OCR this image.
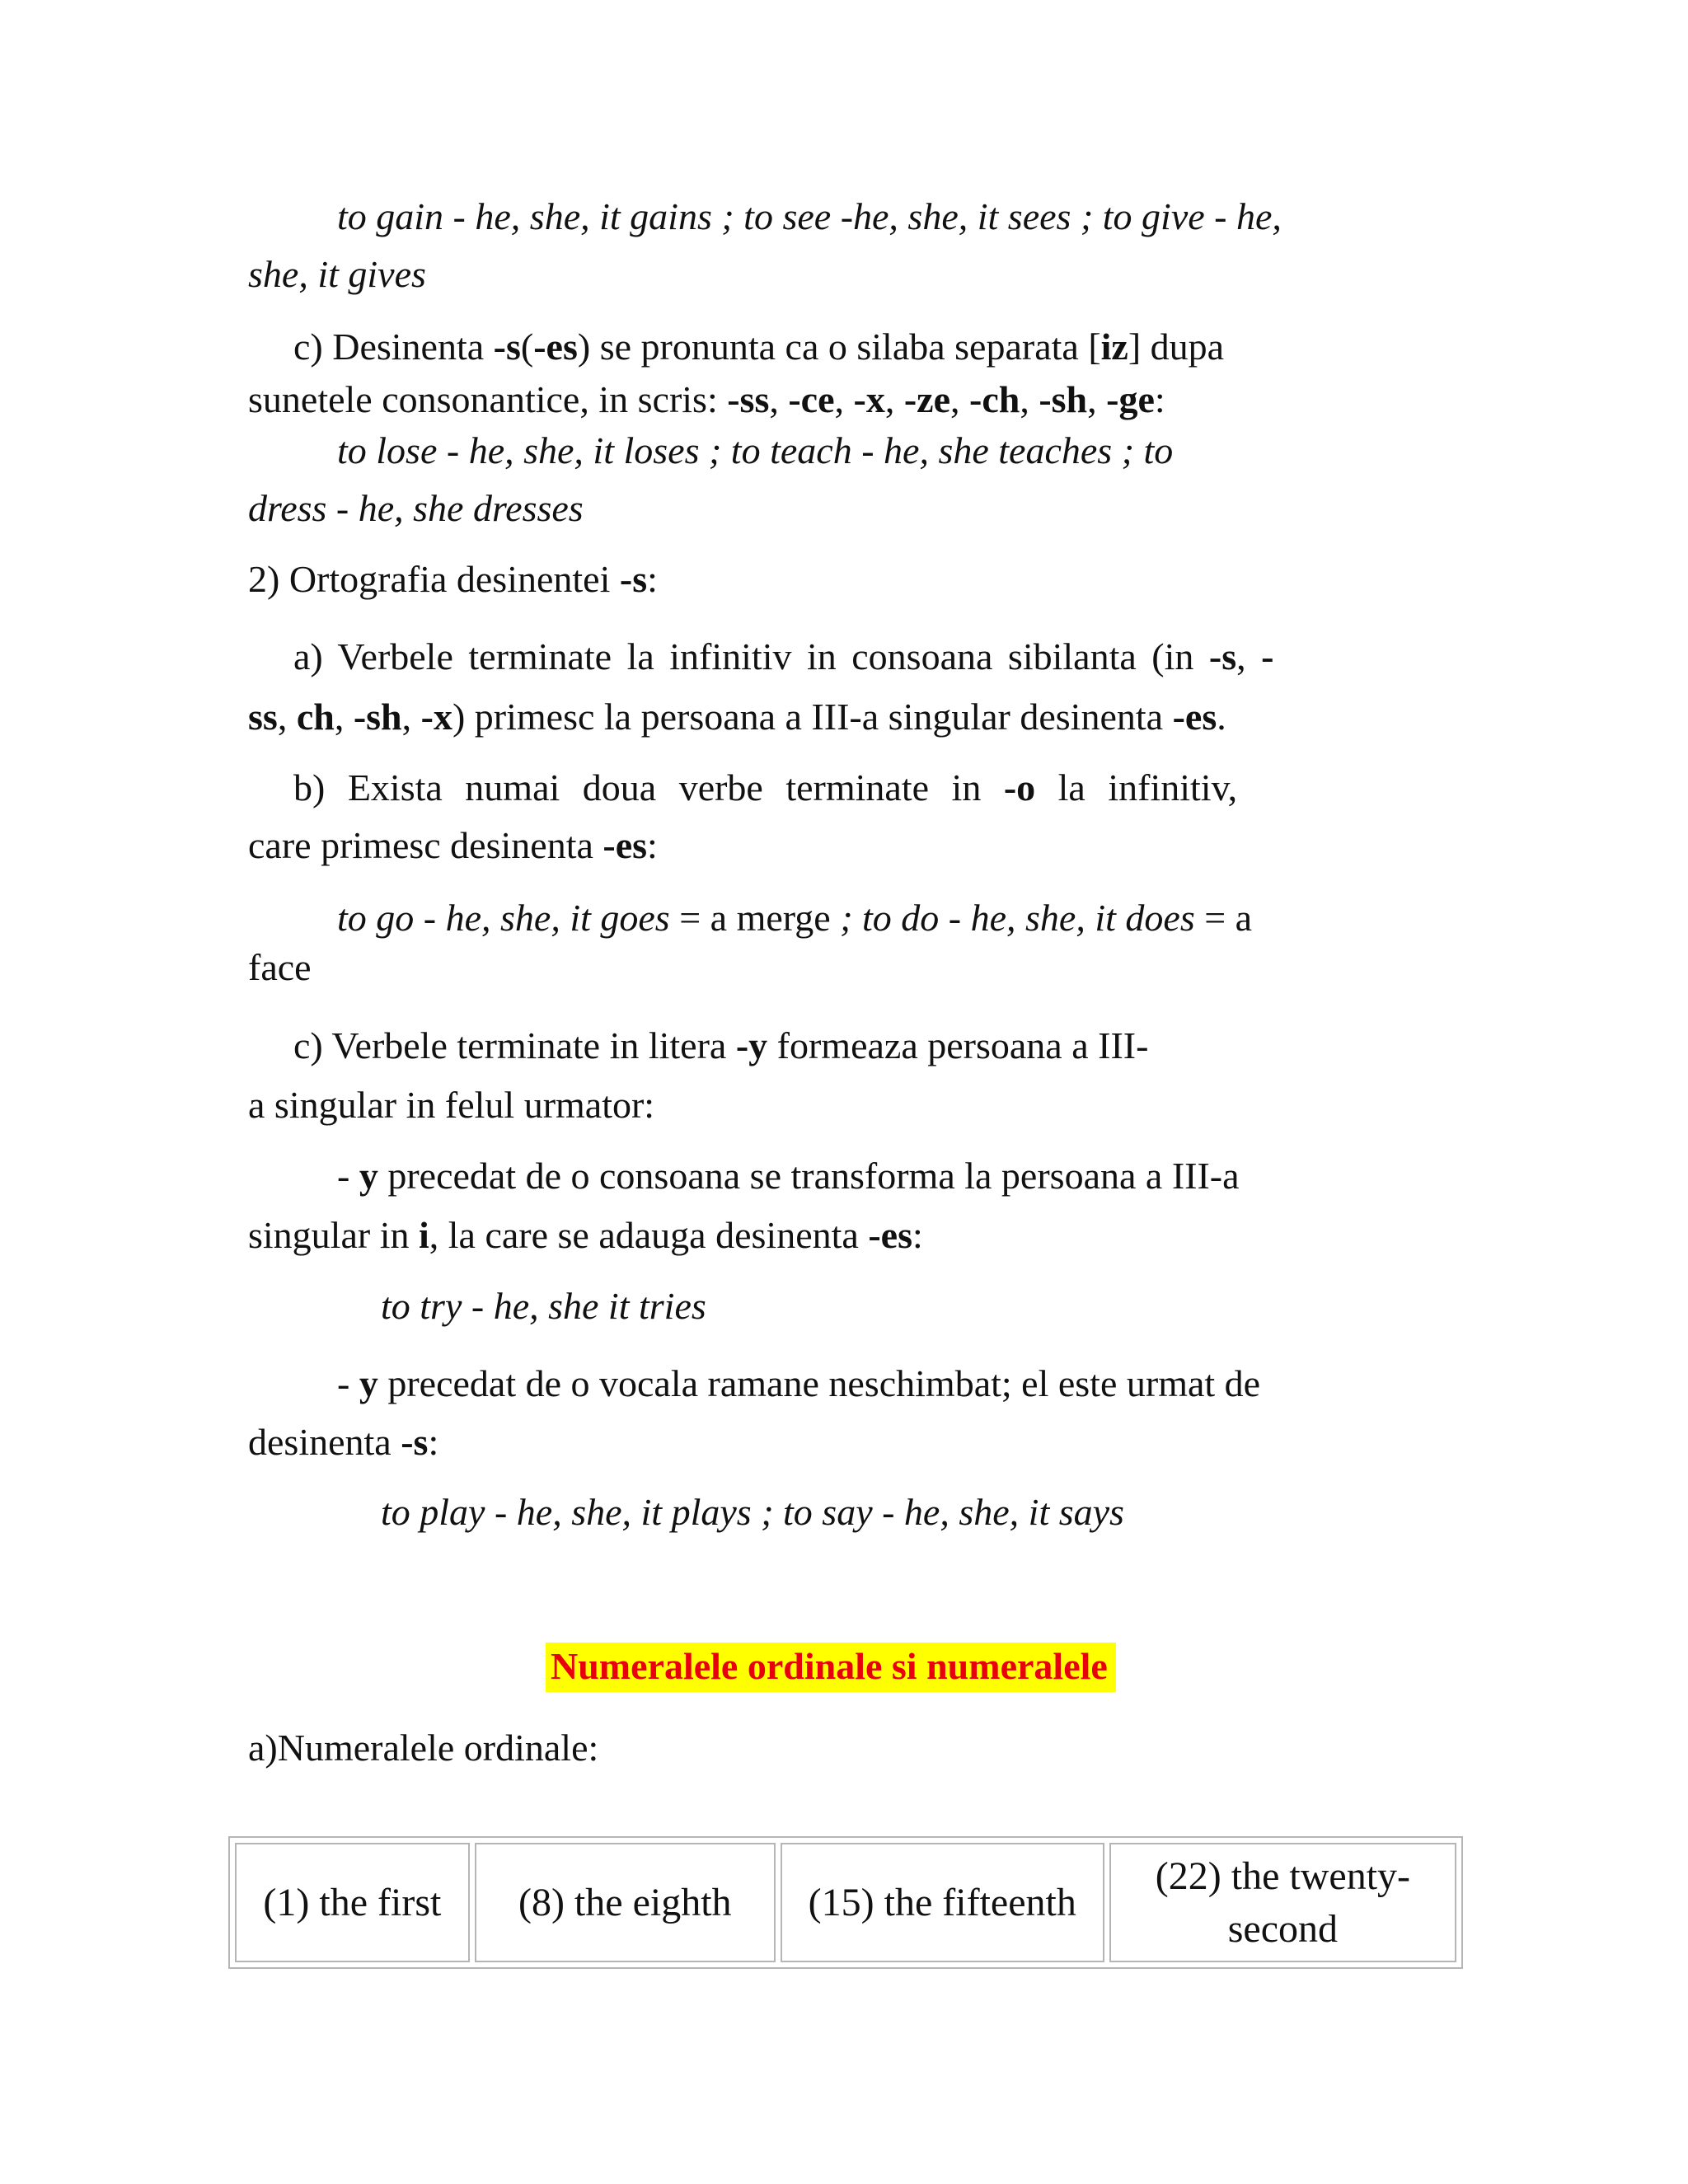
to gain - he, she, it gains ; to see -he, she, it sees ; to give - he,
she, it gives
c) Desinenta -s(-es) se pronunta ca o silaba separata [iz] dupa
sunetele consonantice, in scris: -ss, -ce, -x, -ze, -ch, -sh, -ge:
to lose - he, she, it loses ; to teach - he, she teaches ; to
dress - he, she dresses
2) Ortografia desinentei -s:
a) Verbele terminate la infinitiv in consoana sibilanta (in -s, -
ss, ch, -sh, -x) primesc la persoana a III-a singular desinenta -es.
b) Exista numai doua verbe terminate in -o la infinitiv,
care primesc desinenta -es:
to go - he, she, it goes = a merge ; to do - he, she, it does = a
face
c) Verbele terminate in litera -y formeaza persoana a III-
a singular in felul urmator:
- y precedat de o consoana se transforma la persoana a III-a
singular in i, la care se adauga desinenta -es:
to try - he, she it tries
- y precedat de o vocala ramane neschimbat; el este urmat de
desinenta -s:
to play - he, she, it plays ; to say - he, she, it says
Numeralele ordinale si numeralele
a)Numeralele ordinale:
(1) the first	(8) the eighth	(15) the fifteenth	(22) the twenty-
second
